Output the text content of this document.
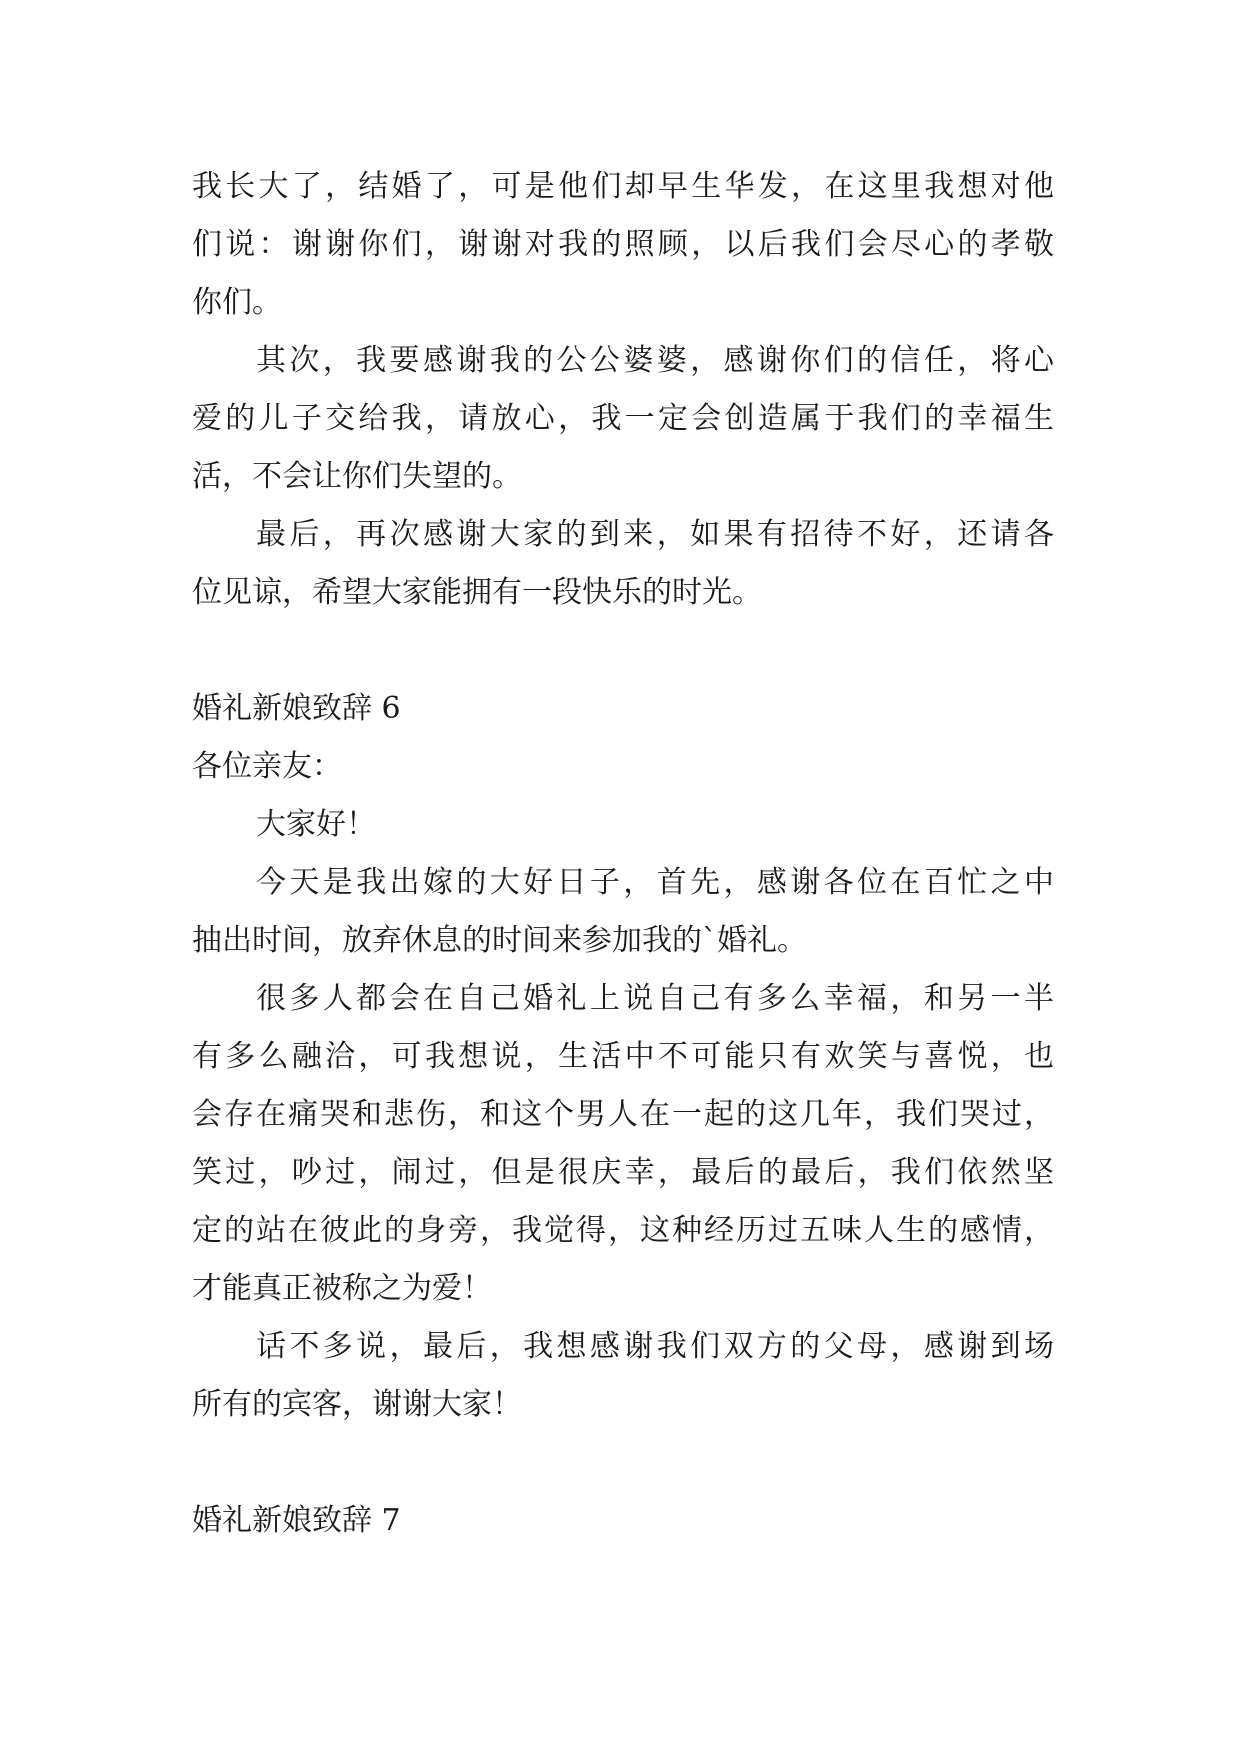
我长大了，结婚了，可是他们却早生华发，在这里我想对他
们说：谢谢你们，谢谢对我的照顾，以后我们会尽心的孝敬
你们。
其次，我要感谢我的公公婆婆，感谢你们的信任，将心
爱的儿子交给我，请放心，我一定会创造属于我们的幸福生
活，不会让你们失望的。
最后，再次感谢大家的到来，如果有招待不好，还请各
位见谅，希望大家能拥有一段快乐的时光。
婚礼新娘致辞 6
各位亲友：
大家好！
今天是我出嫁的大好日子，首先，感谢各位在百忙之中
抽出时间，放弃休息的时间来参加我的`婚礼。
很多人都会在自己婚礼上说自己有多么幸福，和另一半
有多么融洽，可我想说，生活中不可能只有欢笑与喜悦，也
会存在痛哭和悲伤，和这个男人在一起的这几年，我们哭过，
笑过，吵过，闹过，但是很庆幸，最后的最后，我们依然坚
定的站在彼此的身旁，我觉得，这种经历过五味人生的感情，
才能真正被称之为爱！
话不多说，最后，我想感谢我们双方的父母，感谢到场
所有的宾客，谢谢大家！
婚礼新娘致辞 7
